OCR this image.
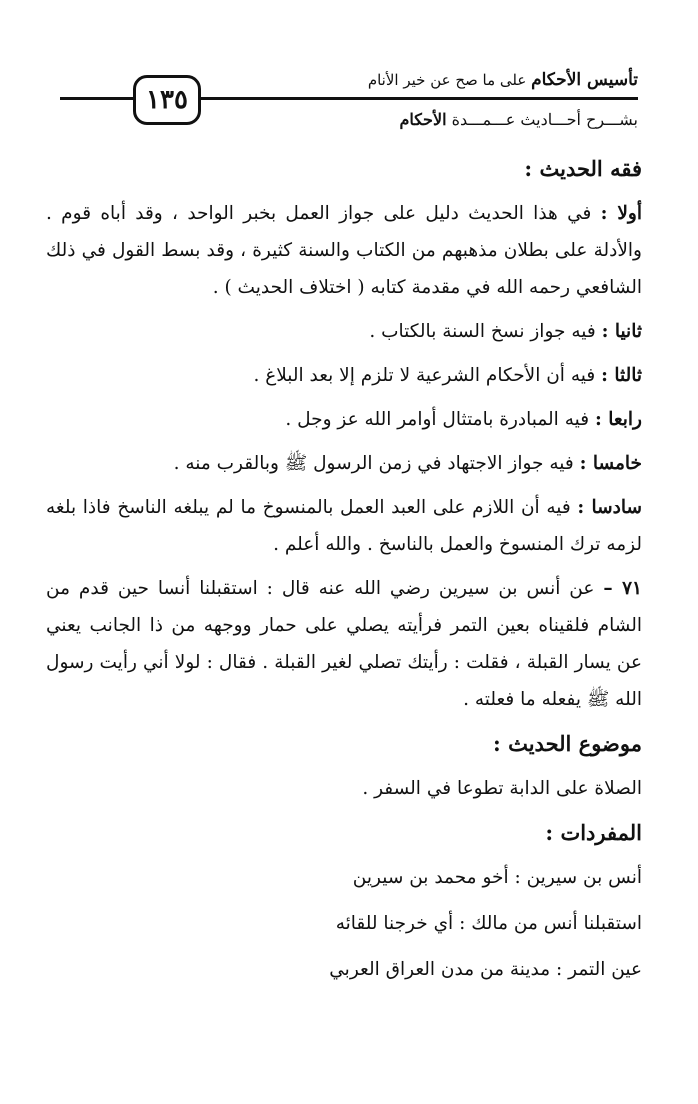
تأسيس الأحكام على ما صح عن خير الأنام
١٣٥
بشـــرح أحـــاديث عـــمـــدة الأحكام
فقه الحديث :

أولا : في هذا الحديث دليل على جواز العمل بخبر الواحد ، وقد أباه قوم . والأدلة على بطلان مذهبهم من الكتاب والسنة كثيرة ، وقد بسط القول في ذلك الشافعي رحمه الله في مقدمة كتابه ( اختلاف الحديث ) .

ثانيا : فيه جواز نسخ السنة بالكتاب .

ثالثا : فيه أن الأحكام الشرعية لا تلزم إلا بعد البلاغ .

رابعا : فيه المبادرة بامتثال أوامر الله عز وجل .

خامسا : فيه جواز الاجتهاد في زمن الرسول ﷺ وبالقرب منه .

سادسا : فيه أن اللازم على العبد العمل بالمنسوخ ما لم يبلغه الناسخ فاذا بلغه لزمه ترك المنسوخ والعمل بالناسخ . والله أعلم .

٧١ – عن أنس بن سيرين رضي الله عنه قال : استقبلنا أنسا حين قدم من الشام فلقيناه بعين التمر فرأيته يصلي على حمار ووجهه من ذا الجانب يعني عن يسار القبلة ، فقلت : رأيتك تصلي لغير القبلة . فقال : لولا أني رأيت رسول الله ﷺ يفعله ما فعلته .

موضوع الحديث :

الصلاة على الدابة تطوعا في السفر .

المفردات :
أنس بن سيرين : أخو محمد بن سيرين
استقبلنا أنس من مالك : أي خرجنا للقائه
عين التمر : مدينة من مدن العراق العربي
